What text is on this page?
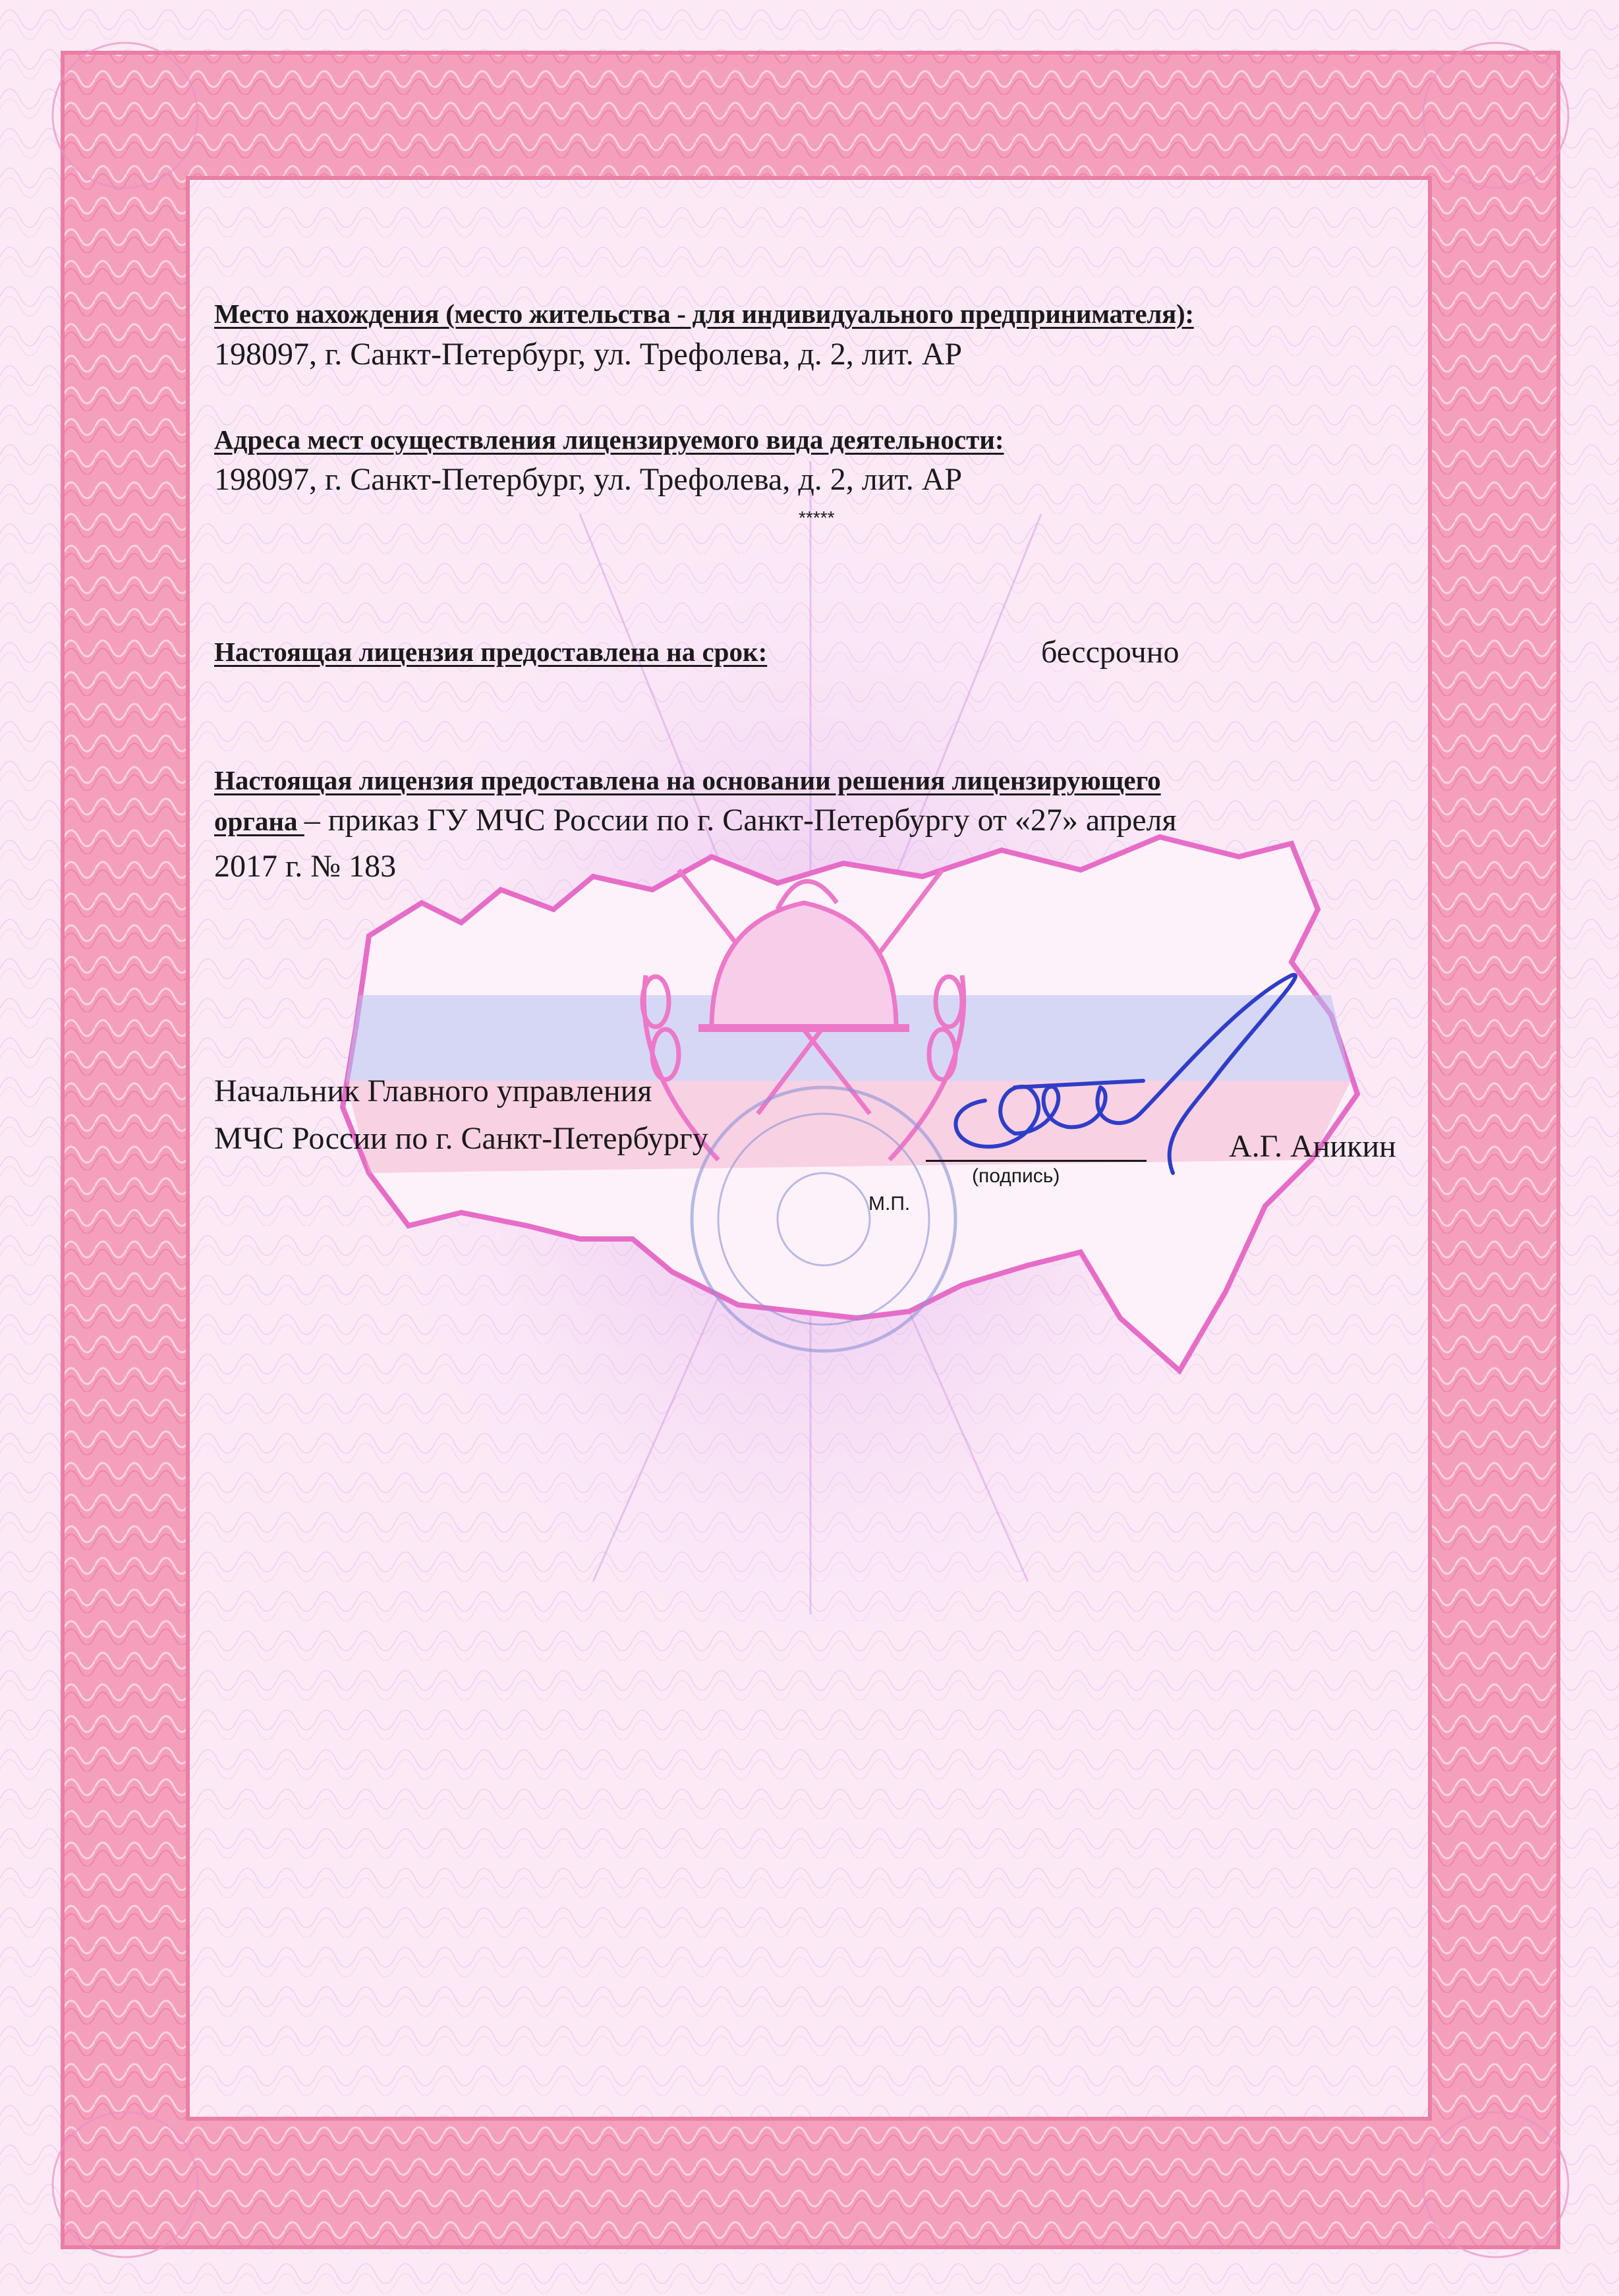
Место нахождения (место жительства - для индивидуального предпринимателя):
198097, г. Санкт-Петербург, ул. Трефолева, д. 2, лит. АР
Адреса мест осуществления лицензируемого вида деятельности:
198097, г. Санкт-Петербург, ул. Трефолева, д. 2, лит. АР
*****
Настоящая лицензия предоставлена на срок:	бессрочно
Настоящая лицензия предоставлена на основании решения лицензирующего
органа – приказ ГУ МЧС России по г. Санкт-Петербургу от «27» апреля
2017 г. № 183
Начальник Главного управления
МЧС России по г. Санкт-Петербургу
(подпись)
М.П.
А.Г. Аникин
